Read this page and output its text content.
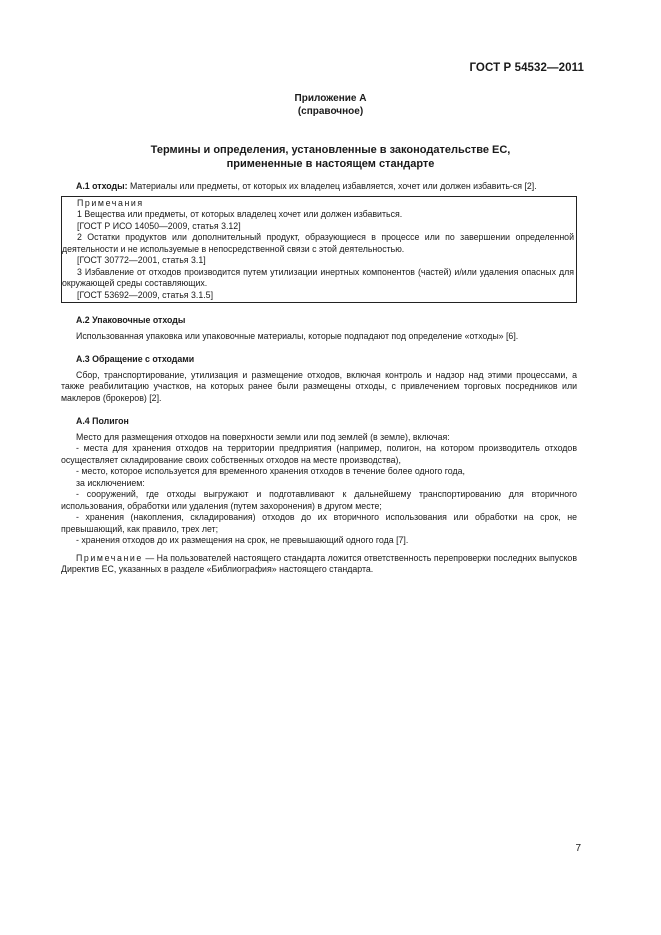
ГОСТ Р 54532—2011
Приложение А
(справочное)
Термины и определения, установленные в законодательстве ЕС,
примененные в настоящем стандарте

А.1 отходы: Материалы или предметы, от которых их владелец избавляется, хочет или должен избавить-ся [2].

Примечания

1 Вещества или предметы, от которых владелец хочет или должен избавиться.

[ГОСТ Р ИСО 14050—2009, статья 3.12]

2 Остатки продуктов или дополнительный продукт, образующиеся в процессе или по завершении определенной деятельности и не используемые в непосредственной связи с этой деятельностью.

[ГОСТ 30772—2001, статья 3.1]

3 Избавление от отходов производится путем утилизации инертных компонентов (частей) и/или удаления опасных для окружающей среды составляющих.

[ГОСТ 53692—2009, статья 3.1.5]

А.2 Упаковочные отходы

Использованная упаковка или упаковочные материалы, которые подпадают под определение «отходы» [6].

А.3 Обращение с отходами

Сбор, транспортирование, утилизация и размещение отходов, включая контроль и надзор над этими процессами, а также реабилитацию участков, на которых ранее были размещены отходы, с привлечением торговых посредников или маклеров (брокеров) [2].

А.4 Полигон

Место для размещения отходов на поверхности земли или под землей (в земле), включая:

- места для хранения отходов на территории предприятия (например, полигон, на котором производитель отходов осуществляет складирование своих собственных отходов на месте производства),

- место, которое используется для временного хранения отходов в течение более одного года,

за исключением:

- сооружений, где отходы выгружают и подготавливают к дальнейшему транспортированию для вторичного использования, обработки или удаления (путем захоронения) в другом месте;

- хранения (накопления, складирования) отходов до их вторичного использования или обработки на срок, не превышающий, как правило, трех лет;

- хранения отходов до их размещения на срок, не превышающий одного года [7].

Примечание — На пользователей настоящего стандарта ложится ответственность перепроверки последних выпусков Директив ЕС, указанных в разделе «Библиография» настоящего стандарта.

7
